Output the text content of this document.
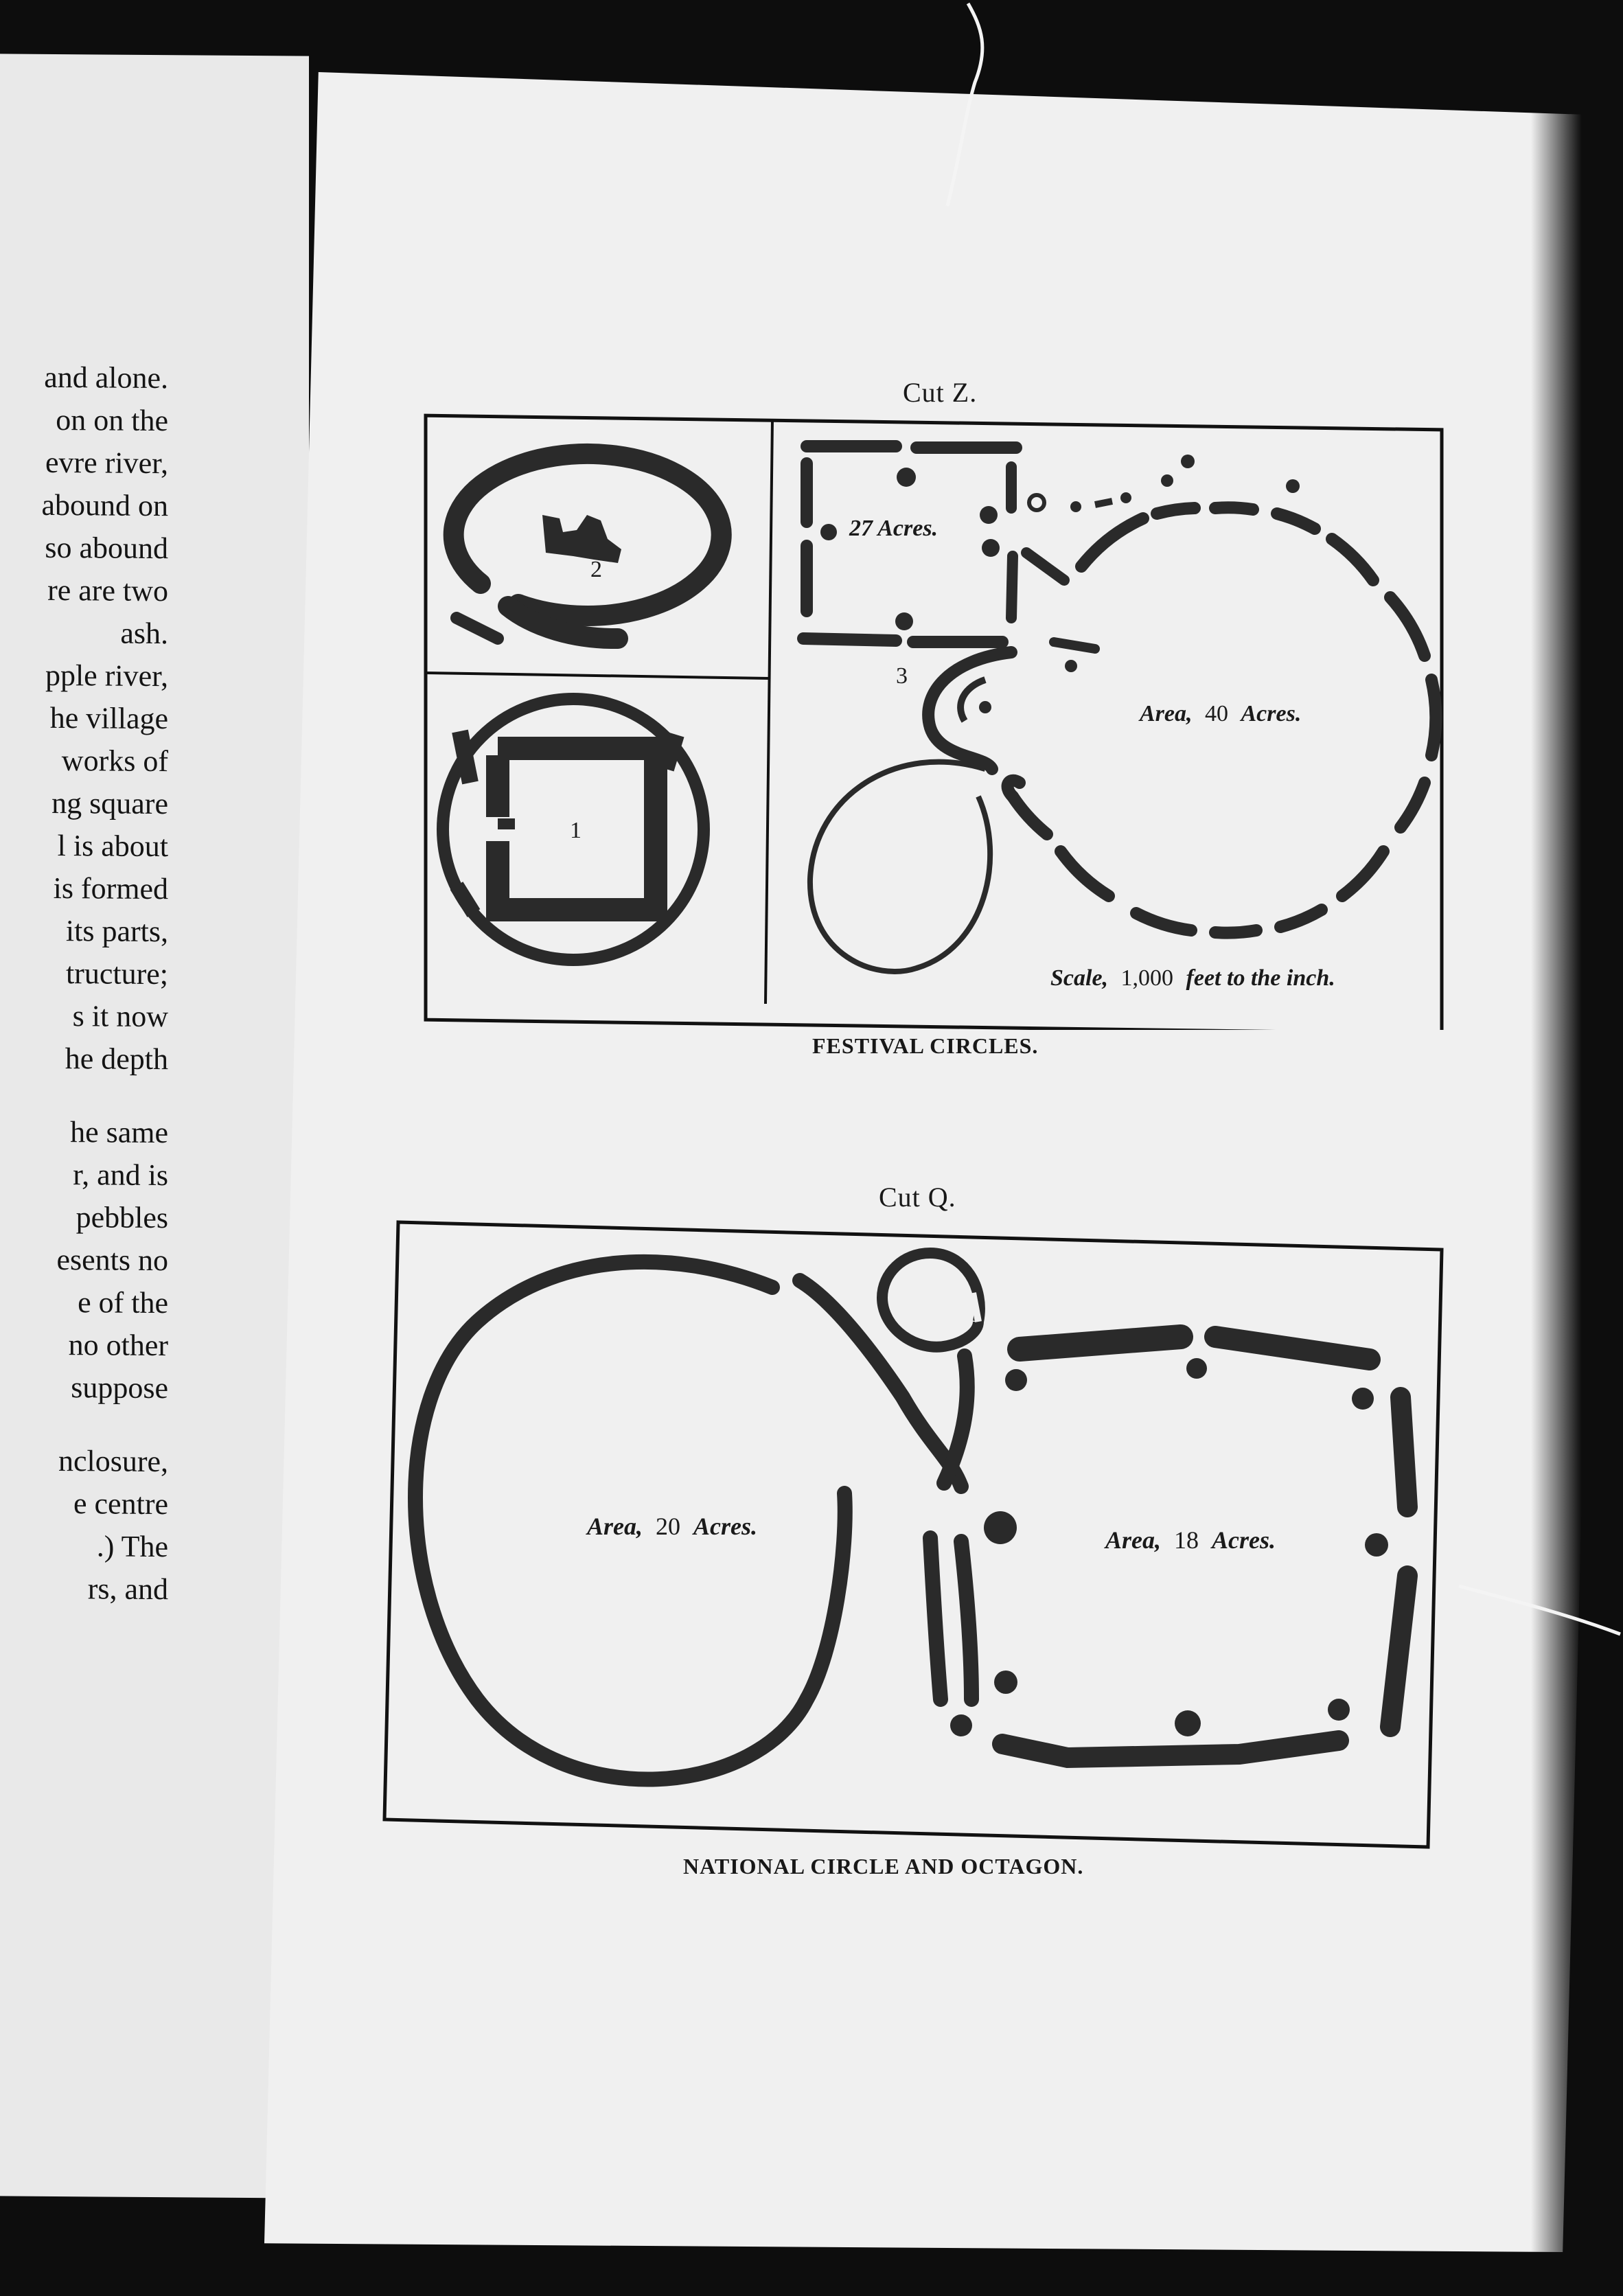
and alone.
on on the
evre river,
abound on
so abound
re are two
ash.
pple river,
he village
works of
ng square
l is about
is formed
its parts,
tructure;
s it now
he depth
he same
r, and is
pebbles
esents no
e of the
no other
suppose
nclosure,
e centre
.) The
rs, and
Cut Z.
2
1
27 Acres.
3
Area, 40 Acres.
Scale, 1,000 feet to the inch.
FESTIVAL CIRCLES.
Cut Q.
Area, 20 Acres.	Area, 18 Acres.
NATIONAL CIRCLE AND OCTAGON.
